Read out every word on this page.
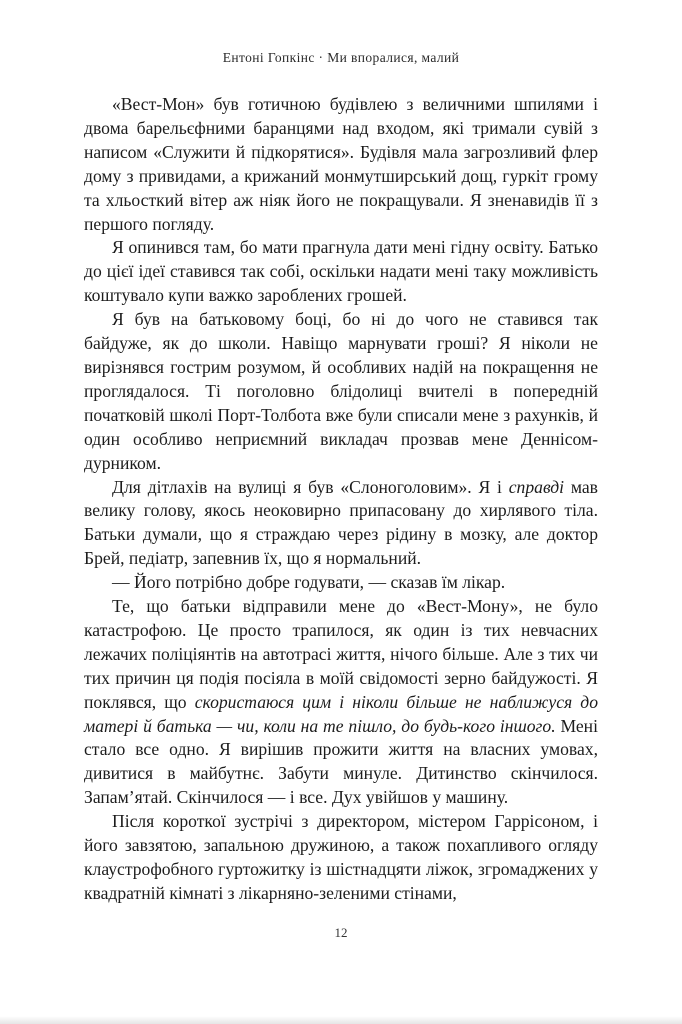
Ентоні Гопкінс · Ми впоралися, малий

«Вест-Мон» був готичною будівлею з величними шпилями і двома барельєфними баранцями над входом, які тримали сувій з написом «Служити й підкорятися». Будівля мала загрозливий флер дому з привидами, а крижаний монмутширський дощ, гуркіт грому та хльосткий вітер аж ніяк його не покращували. Я зненавидів її з першого погляду.

Я опинився там, бо мати прагнула дати мені гідну освіту. Батько до цієї ідеї ставився так собі, оскільки надати мені таку можливість коштувало купи важко зароблених грошей.

Я був на батьковому боці, бо ні до чого не ставився так байдуже, як до школи. Навіщо марнувати гроші? Я ніколи не вирізнявся гострим розумом, й особливих надій на покращення не проглядалося. Ті поголовно блідолиці вчителі в попередній початковій школі Порт-Толбота вже були списали мене з рахунків, й один особливо неприємний викладач прозвав мене Деннісом-дурником.

Для дітлахів на вулиці я був «Слоноголовим». Я і справді мав велику голову, якось неоковирно припасовану до хирлявого тіла. Батьки думали, що я страждаю через рідину в мозку, але доктор Брей, педіатр, запевнив їх, що я нормальний.

— Його потрібно добре годувати, — сказав їм лікар.

Те, що батьки відправили мене до «Вест-Мону», не було катастрофою. Це просто трапилося, як один із тих невчасних лежачих поліціянтів на автотрасі життя, нічого більше. Але з тих чи тих причин ця подія посіяла в моїй свідомості зерно байдужості. Я поклявся, що скористаюся цим і ніколи більше не наближуся до матері й батька — чи, коли на те пішло, до будь-кого іншого. Мені стало все одно. Я вирішив прожити життя на власних умовах, дивитися в майбутнє. Забути минуле. Дитинство скінчилося. Запам’ятай. Скінчилося — і все. Дух увійшов у машину.

Після короткої зустрічі з директором, містером Гаррісоном, і його завзятою, запальною дружиною, а також похапливого огляду клаустрофобного гуртожитку із шістнадцяти ліжок, згромаджених у квадратній кімнаті з лікарняно-зеленими стінами,

12
